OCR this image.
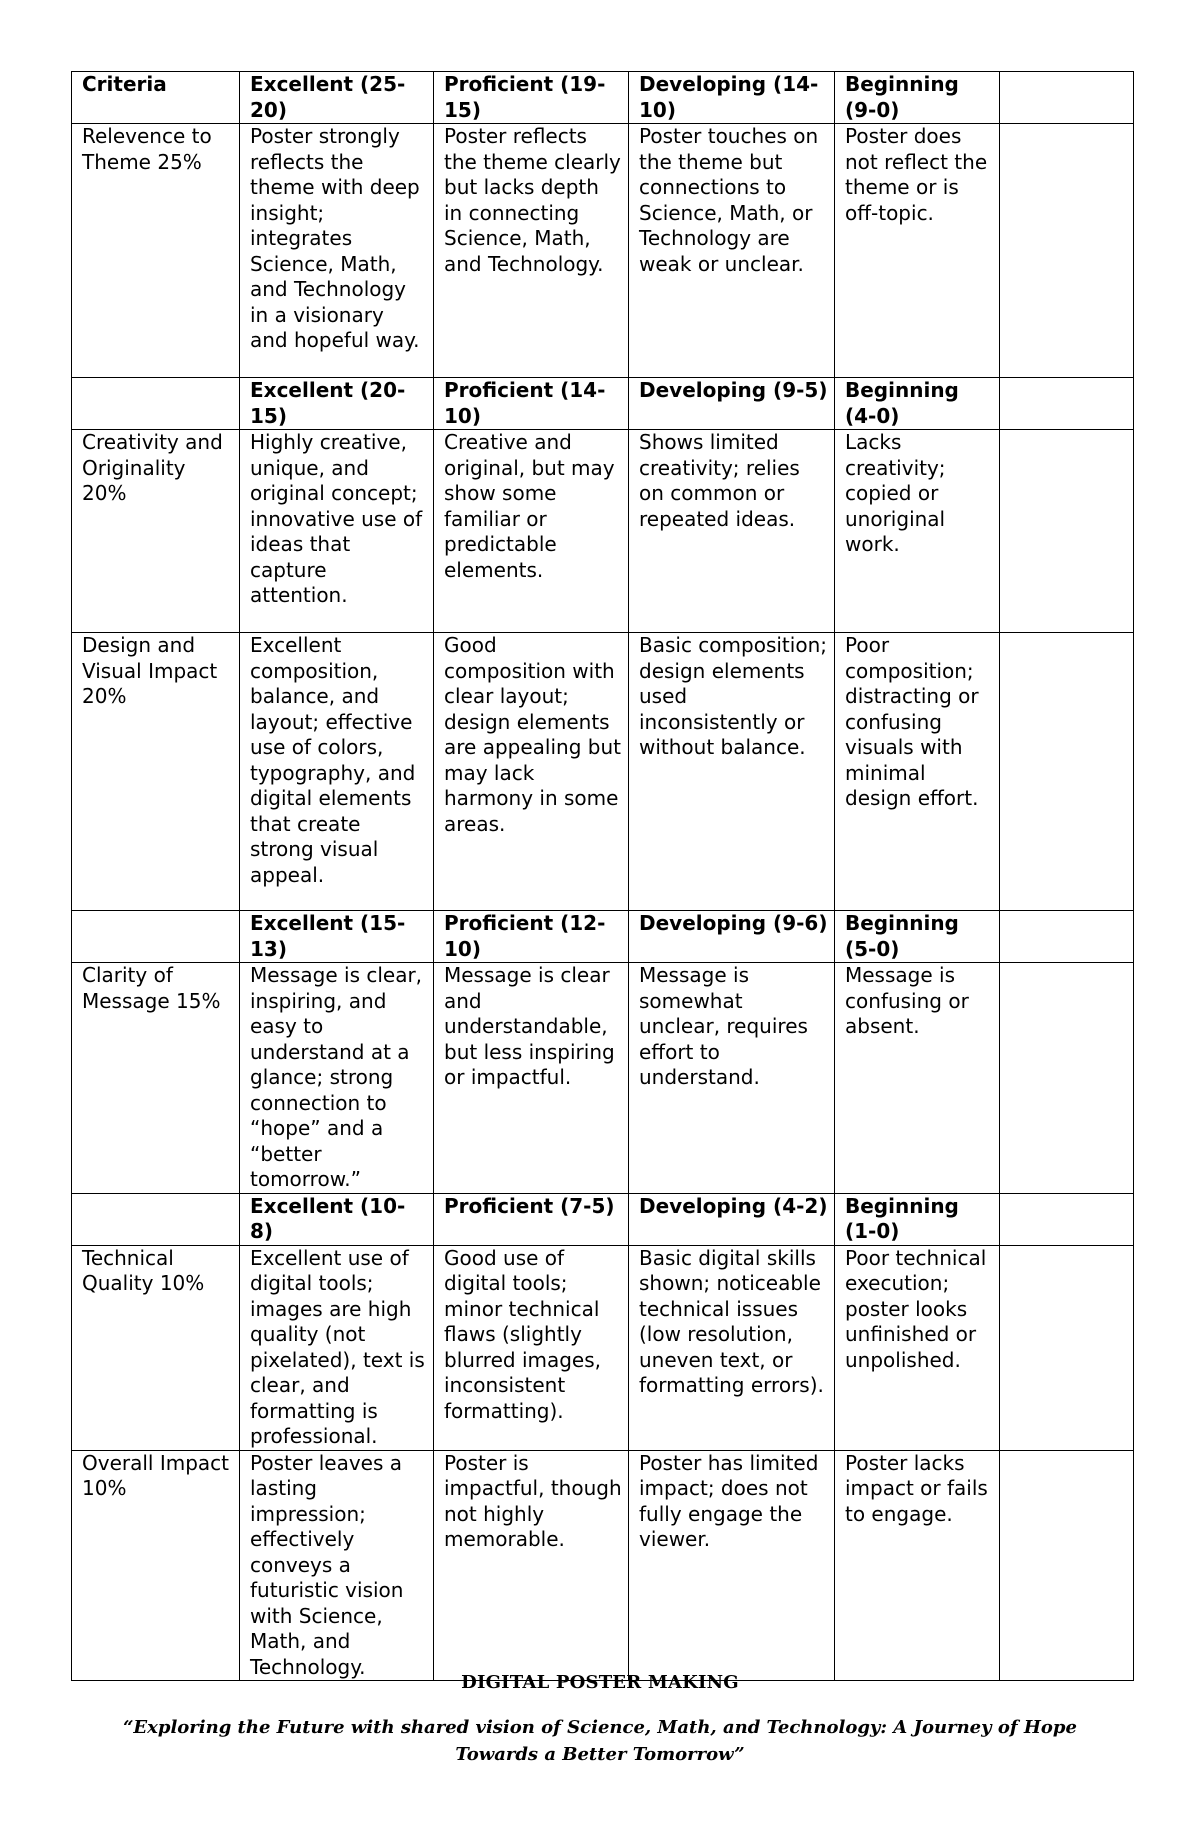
Criteria	Excellent (25-20)	Proficient (19-15)	Developing (14-10)	Beginning (9-0)	
Relevence to Theme 25%	Poster strongly reflects the theme with deep insight; integrates Science, Math, and Technology in a visionary and hopeful way.	Poster reflects the theme clearly but lacks depth in connecting Science, Math, and Technology.	Poster touches on the theme but connections to Science, Math, or Technology are weak or unclear.	Poster does not reflect the theme or is off-topic.	
	Excellent (20-15)	Proficient (14-10)	Developing (9-5)	Beginning (4-0)	
Creativity and Originality 20%	Highly creative, unique, and original concept; innovative use of ideas that capture attention.	Creative and original, but may show some familiar or predictable elements.	Shows limited creativity; relies on common or repeated ideas.	Lacks creativity; copied or unoriginal work.	
Design and Visual Impact 20%	Excellent composition, balance, and layout; effective use of colors, typography, and digital elements that create strong visual appeal.	Good composition with clear layout; design elements are appealing but may lack harmony in some areas.	Basic composition; design elements used inconsistently or without balance.	Poor composition; distracting or confusing visuals with minimal design effort.	
	Excellent (15-13)	Proficient (12-10)	Developing (9-6)	Beginning (5-0)	
Clarity of Message 15%	Message is clear, inspiring, and easy to understand at a glance; strong connection to “hope” and a “better tomorrow.”	Message is clear and understandable, but less inspiring or impactful.	Message is somewhat unclear, requires effort to understand.	Message is confusing or absent.	
	Excellent (10-8)	Proficient (7-5)	Developing (4-2)	Beginning (1-0)	
Technical Quality 10%	Excellent use of digital tools; images are high quality (not pixelated), text is clear, and formatting is professional.	Good use of digital tools; minor technical flaws (slightly blurred images, inconsistent formatting).	Basic digital skills shown; noticeable technical issues (low resolution, uneven text, or formatting errors).	Poor technical execution; poster looks unfinished or unpolished.	
Overall Impact 10%	Poster leaves a lasting impression; effectively conveys a futuristic vision with Science, Math, and Technology.	Poster is impactful, though not highly memorable.	Poster has limited impact; does not fully engage the viewer.	Poster lacks impact or fails to engage.	
DIGITAL POSTER MAKING
“Exploring the Future with shared vision of Science, Math, and Technology: A Journey of Hope Towards a Better Tomorrow”
